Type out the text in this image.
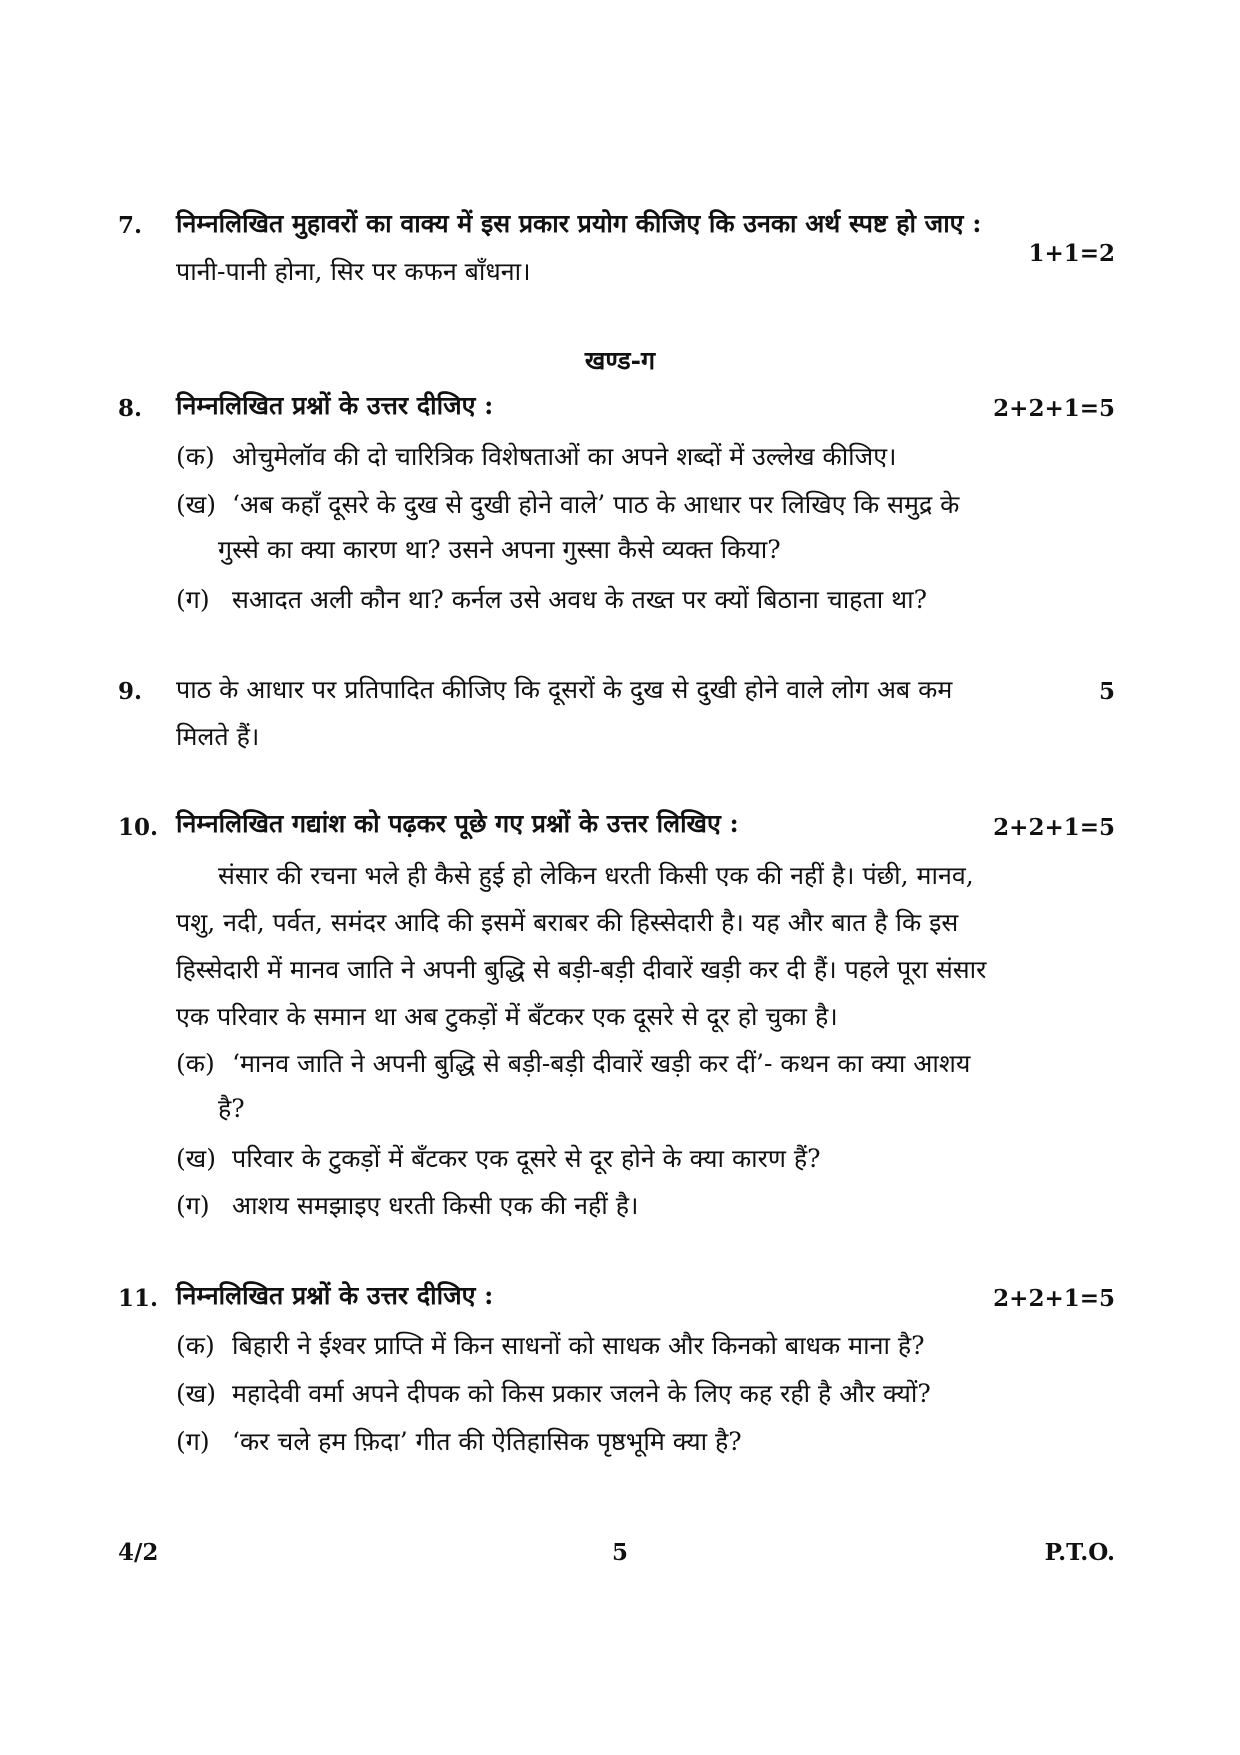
7. निम्नलिखित मुहावरों का वाक्य में इस प्रकार प्रयोग कीजिए कि उनका अर्थ स्पष्ट हो जाए :
1+1=2
पानी-पानी होना, सिर पर कफन बाँधना।
खण्ड-ग
8. निम्नलिखित प्रश्नों के उत्तर दीजिए :	2+2+1=5
(क) ओचुमेलॉव की दो चारित्रिक विशेषताओं का अपने शब्दों में उल्लेख कीजिए।
(ख) ‘अब कहाँ दूसरे के दुख से दुखी होने वाले’ पाठ के आधार पर लिखिए कि समुद्र के
गुस्से का क्या कारण था? उसने अपना गुस्सा कैसे व्यक्त किया?
(ग) सआदत अली कौन था? कर्नल उसे अवध के तख्त पर क्यों बिठाना चाहता था?
9. पाठ के आधार पर प्रतिपादित कीजिए कि दूसरों के दुख से दुखी होने वाले लोग अब कम	5
मिलते हैं।
10. निम्नलिखित गद्यांश को पढ़कर पूछे गए प्रश्नों के उत्तर लिखिए :	2+2+1=5
संसार की रचना भले ही कैसे हुई हो लेकिन धरती किसी एक की नहीं है। पंछी, मानव,
पशु, नदी, पर्वत, समंदर आदि की इसमें बराबर की हिस्सेदारी है। यह और बात है कि इस
हिस्सेदारी में मानव जाति ने अपनी बुद्धि से बड़ी-बड़ी दीवारें खड़ी कर दी हैं। पहले पूरा संसार
एक परिवार के समान था अब टुकड़ों में बँटकर एक दूसरे से दूर हो चुका है।
(क) ‘मानव जाति ने अपनी बुद्धि से बड़ी-बड़ी दीवारें खड़ी कर दीं’- कथन का क्या आशय
है?
(ख) परिवार के टुकड़ों में बँटकर एक दूसरे से दूर होने के क्या कारण हैं?
(ग) आशय समझाइए धरती किसी एक की नहीं है।
11. निम्नलिखित प्रश्नों के उत्तर दीजिए :	2+2+1=5
(क) बिहारी ने ईश्वर प्राप्ति में किन साधनों को साधक और किनको बाधक माना है?
(ख) महादेवी वर्मा अपने दीपक को किस प्रकार जलने के लिए कह रही है और क्यों?
(ग) ‘कर चले हम फ़िदा’ गीत की ऐतिहासिक पृष्ठभूमि क्या है?
4/2	5	P.T.O.
